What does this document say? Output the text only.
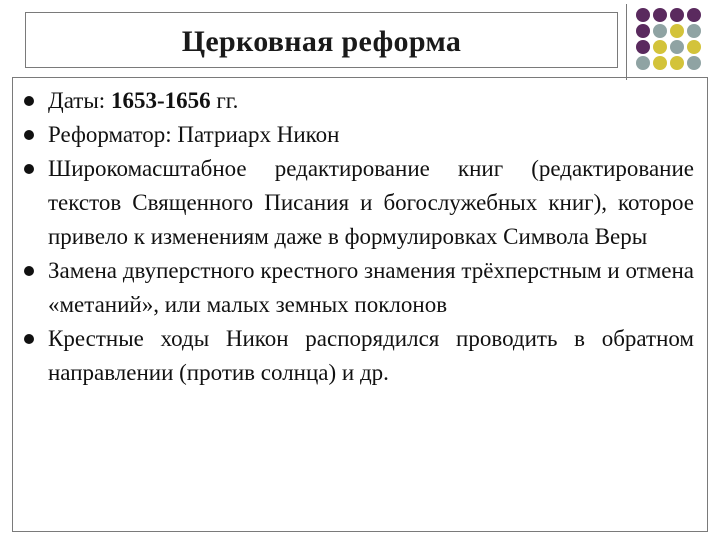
Церковная реформа
Даты: 1653-1656 гг.
Реформатор: Патриарх Никон
Широкомасштабное редактирование книг (редактирование текстов Священного Писания и богослужебных книг), которое привело к изменениям даже в формулировках Символа Веры
Замена двуперстного крестного знамения трёхперстным и отмена «метаний», или малых земных поклонов
Крестные ходы Никон распорядился проводить в обратном направлении (против солнца) и др.
